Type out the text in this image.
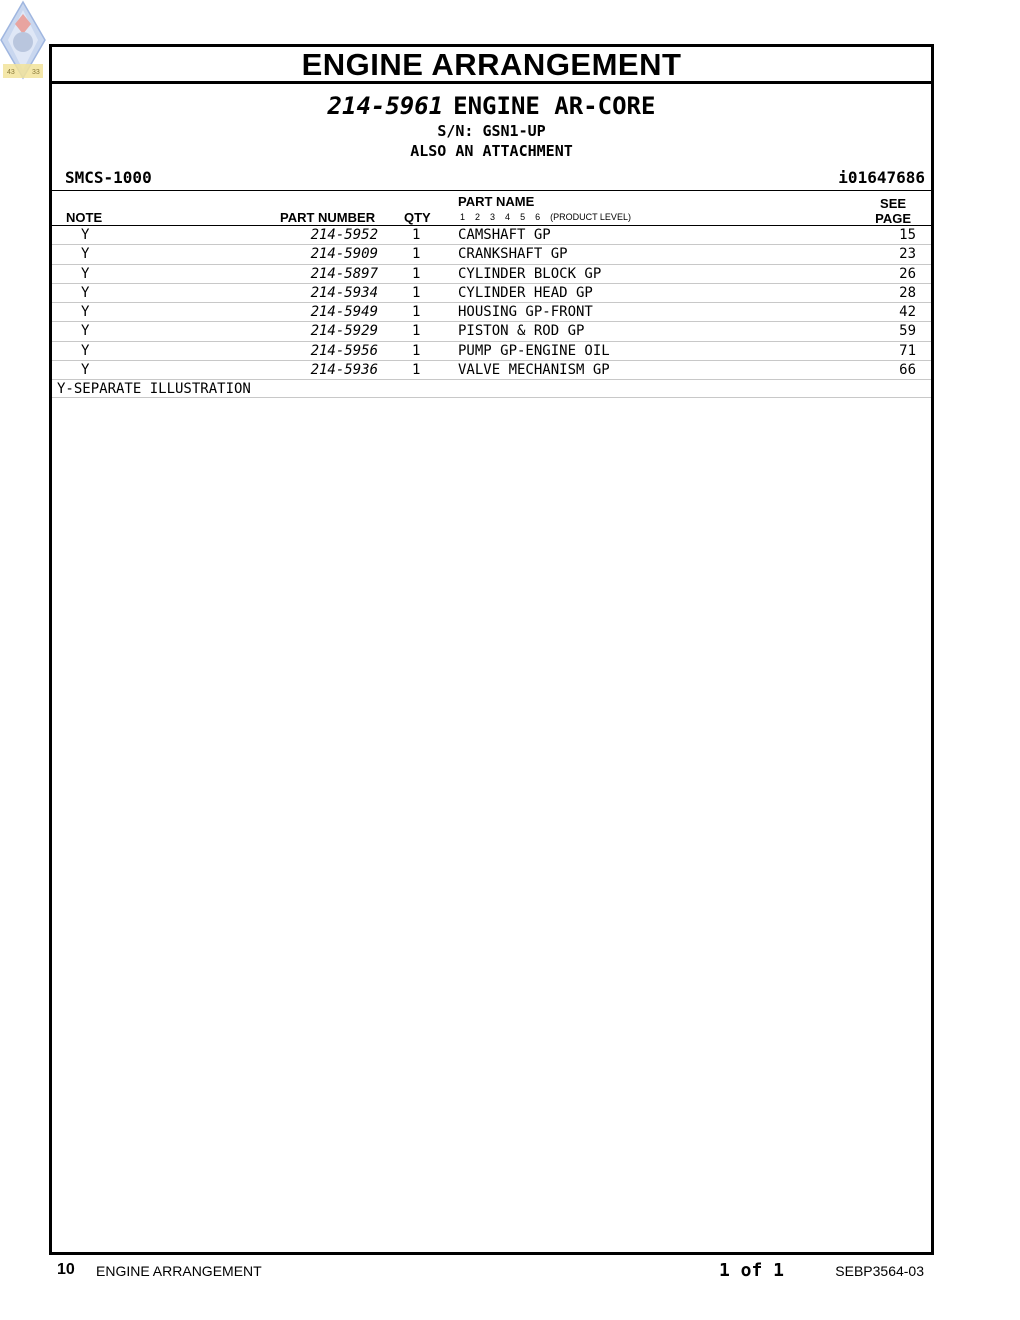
43 33	ENGINE ARRANGEMENT
214-5961 ENGINE AR-CORE
S/N: GSN1-UP
ALSO AN ATTACHMENT
SMCS-1000	i01647686
NOTE	PART NUMBER QTY
PART NAME
1 2 3 4 5 6 (PRODUCT LEVEL)
SEE
PAGE
Y	214-5952 1	CAMSHAFT GP	15
Y	214-5909 1	CRANKSHAFT GP	23
Y	214-5897 1	CYLINDER BLOCK GP	26
Y	214-5934 1	CYLINDER HEAD GP	28
Y	214-5949 1	HOUSING GP-FRONT	42
Y	214-5929 1	PISTON & ROD GP	59
Y	214-5956 1	PUMP GP-ENGINE OIL	71
Y	214-5936 1	VALVE MECHANISM GP	66
Y-SEPARATE ILLUSTRATION
10 ENGINE ARRANGEMENT	1 of 1	SEBP3564-03
